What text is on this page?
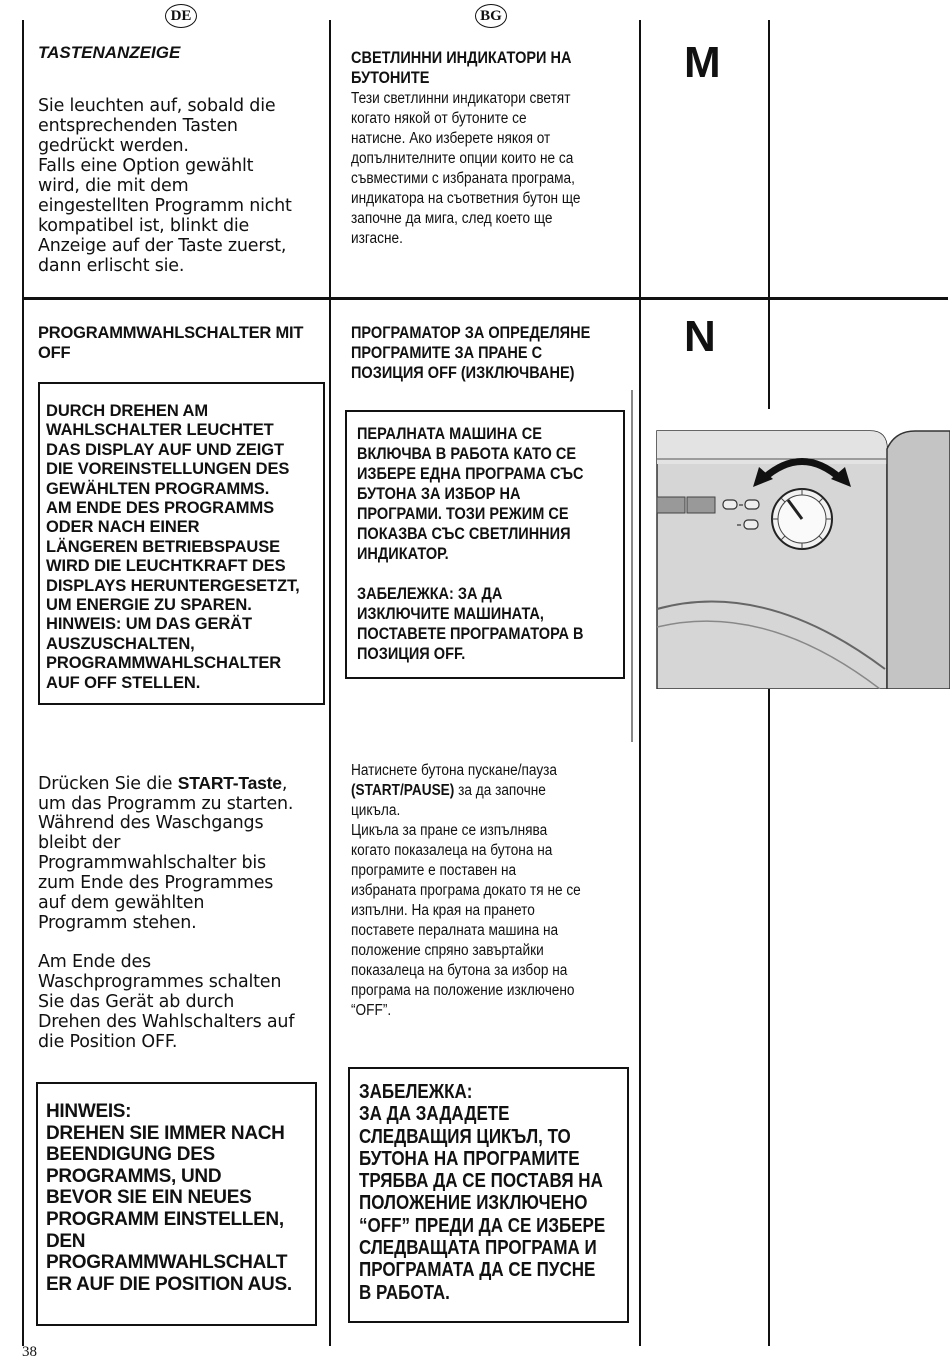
DE	BG
M
TASTENANZEIGE
Sie leuchten auf, sobald die
entsprechenden Tasten
gedrückt werden.
Falls eine Option gewählt
wird, die mit dem
eingestellten Programm nicht
kompatibel ist, blinkt die
Anzeige auf der Taste zuerst,
dann erlischt sie.
СВЕТЛИННИ ИНДИКАТОРИ НА
БУТОНИТЕ
Тези светлинни индикатори светят
когато някой от бутоните се
натисне. Ако изберете някоя от
допълнителните опции които не са
съвместими с избраната програма,
индикатора на съответния бутон ще
започне да мига, след което ще
изгасне.
N
PROGRAMMWAHLSCHALTER MIT
OFF
DURCH DREHEN AM
WAHLSCHALTER LEUCHTET
DAS DISPLAY AUF UND ZEIGT
DIE VOREINSTELLUNGEN DES
GEWÄHLTEN PROGRAMMS.
AM ENDE DES PROGRAMMS
ODER NACH EINER
LÄNGEREN BETRIEBSPAUSE
WIRD DIE LEUCHTKRAFT DES
DISPLAYS HERUNTERGESETZT,
UM ENERGIE ZU SPAREN.
HINWEIS: UM DAS GERÄT
AUSZUSCHALTEN,
PROGRAMMWAHLSCHALTER
AUF OFF STELLEN.
ПРОГРАМАТОР ЗА ОПРЕДЕЛЯНЕ
ПРОГРАМИТЕ ЗА ПРАНЕ С
ПОЗИЦИЯ OFF (ИЗКЛЮЧВАНЕ)
ПЕРАЛНАТА МАШИНА СЕ
ВКЛЮЧВА В РАБОТА КАТО СЕ
ИЗБЕРЕ ЕДНА ПРОГРАМА СЪС
БУТОНА ЗА ИЗБОР НА
ПРОГРАМИ. ТОЗИ РЕЖИМ СЕ
ПОКАЗВА СЪС СВЕТЛИННИЯ
ИНДИКАТОР.
ЗАБЕЛЕЖКА: ЗА ДА
ИЗКЛЮЧИТЕ МАШИНАТА,
ПОСТАВЕТЕ ПРОГРАМАТОРА В
ПОЗИЦИЯ OFF.

Drücken Sie die START-Taste,
um das Programm zu starten.

Während des Waschgangs
bleibt der
Programmwahlschalter bis
zum Ende des Programmes
auf dem gewählten
Programm stehen.
Am Ende des
Waschprogrammes schalten
Sie das Gerät ab durch
Drehen des Wahlschalters auf
die Position OFF.

Натиснете бутона пускане/пауза
(START/PAUSE) за да започне
цикъла.

Цикъла за пране се изпълнява
когато показалеца на бутона на
програмите е поставен на
избраната програма докато тя не се
изпълни. На края на прането
поставете пералната машина на
положение спряно завъртайки
показалеца на бутона за избор на
програма на положение изключено
“OFF”.
HINWEIS:
DREHEN SIE IMMER NACH
BEENDIGUNG DES
PROGRAMMS, UND
BEVOR SIE EIN NEUES
PROGRAMM EINSTELLEN,
DEN
PROGRAMMWAHLSCHALT
ER AUF DIE POSITION AUS.
ЗАБЕЛЕЖКА:
ЗА ДА ЗАДАДЕТЕ
СЛЕДВАЩИЯ ЦИКЪЛ, ТО
БУТОНА НА ПРОГРАМИТЕ
ТРЯБВА ДА СЕ ПОСТАВЯ НА
ПОЛОЖЕНИЕ ИЗКЛЮЧЕНО
“OFF” ПРЕДИ ДА СЕ ИЗБЕРЕ
СЛЕДВАЩАТА ПРОГРАМА И
ПРОГРАМАТА ДА СЕ ПУСНЕ
В РАБОТА.
38
